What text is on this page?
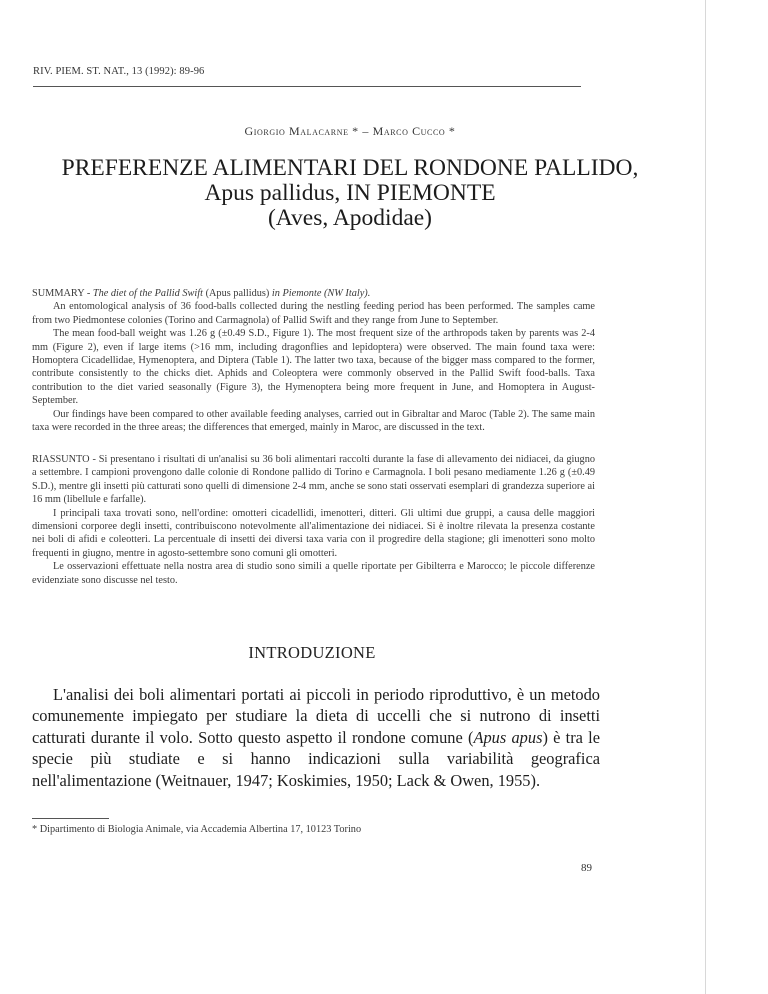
RIV. PIEM. ST. NAT., 13 (1992): 89-96
Giorgio Malacarne * – Marco Cucco *
PREFERENZE ALIMENTARI DEL RONDONE PALLIDO,
Apus pallidus, IN PIEMONTE
(Aves, Apodidae)

SUMMARY - The diet of the Pallid Swift (Apus pallidus) in Piemonte (NW Italy).

An entomological analysis of 36 food-balls collected during the nestling feeding period has been performed. The samples came from two Piedmontese colonies (Torino and Carmagnola) of Pallid Swift and they range from June to September.

The mean food-ball weight was 1.26 g (±0.49 S.D., Figure 1). The most frequent size of the arthropods taken by parents was 2-4 mm (Figure 2), even if large items (>16 mm, including dragonflies and lepidoptera) were observed. The main found taxa were: Homoptera Cicadellidae, Hymenoptera, and Diptera (Table 1). The latter two taxa, because of the bigger mass compared to the former, contribute consistently to the chicks diet. Aphids and Coleoptera were commonly observed in the Pallid Swift food-balls. Taxa contribution to the diet varied seasonally (Figure 3), the Hymenoptera being more frequent in June, and Homoptera in August-September.

Our findings have been compared to other available feeding analyses, carried out in Gibraltar and Maroc (Table 2). The same main taxa were recorded in the three areas; the differences that emerged, mainly in Maroc, are discussed in the text.

RIASSUNTO - Si presentano i risultati di un'analisi su 36 boli alimentari raccolti durante la fase di allevamento dei nidiacei, da giugno a settembre. I campioni provengono dalle colonie di Rondone pallido di Torino e Carmagnola. I boli pesano mediamente 1.26 g (±0.49 S.D.), mentre gli insetti più catturati sono quelli di dimensione 2-4 mm, anche se sono stati osservati esemplari di grandezza superiore ai 16 mm (libellule e farfalle).

I principali taxa trovati sono, nell'ordine: omotteri cicadellidi, imenotteri, ditteri. Gli ultimi due gruppi, a causa delle maggiori dimensioni corporee degli insetti, contribuiscono notevolmente all'alimentazione dei nidiacei. Si è inoltre rilevata la presenza costante nei boli di afidi e coleotteri. La percentuale di insetti dei diversi taxa varia con il progredire della stagione; gli imenotteri sono molto frequenti in giugno, mentre in agosto-settembre sono comuni gli omotteri.

Le osservazioni effettuate nella nostra area di studio sono simili a quelle riportate per Gibilterra e Marocco; le piccole differenze evidenziate sono discusse nel testo.

INTRODUZIONE

L'analisi dei boli alimentari portati ai piccoli in periodo riproduttivo, è un metodo comunemente impiegato per studiare la dieta di uccelli che si nutrono di insetti catturati durante il volo. Sotto questo aspetto il rondone comune (Apus apus) è tra le specie più studiate e si hanno indicazioni sulla variabilità geografica nell'alimentazione (Weitnauer, 1947; Koskimies, 1950; Lack & Owen, 1955).

* Dipartimento di Biologia Animale, via Accademia Albertina 17, 10123 Torino
89
